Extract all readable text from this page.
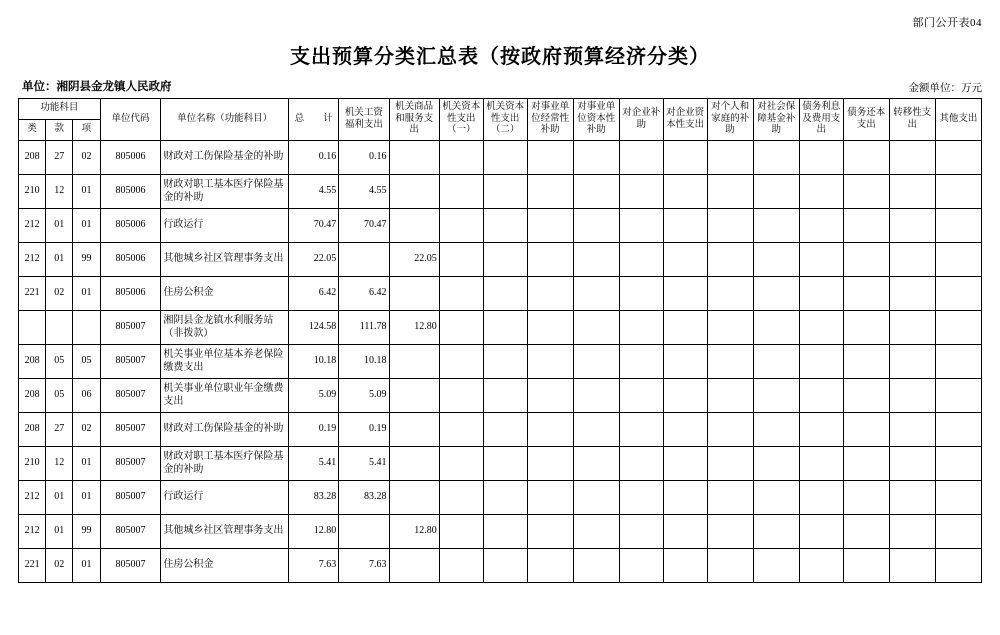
部门公开表04
支出预算分类汇总表（按政府预算经济分类）
单位：湘阴县金龙镇人民政府	金额单位：万元
功能科目			单位代码	单位名称（功能科目）	总　　计	机关工资福利支出	机关商品和服务支出	机关资本性支出（一）	机关资本性支出（二）	对事业单位经常性补助	对事业单位资本性补助	对企业补助	对企业资本性支出	对个人和家庭的补助	对社会保障基金补助	债务利息及费用支出	债务还本支出	转移性支出	其他支出
类	款	项																	
208	27	02	805006	财政对工伤保险基金的补助	0.16	0.16													
210	12	01	805006	财政对职工基本医疗保险基金的补助	4.55	4.55													
212	01	01	805006	行政运行	70.47	70.47													
212	01	99	805006	其他城乡社区管理事务支出	22.05		22.05												
221	02	01	805006	住房公积金	6.42	6.42													
			805007	湘阴县金龙镇水利服务站（非拨款）	124.58	111.78	12.80												
208	05	05	805007	机关事业单位基本养老保险缴费支出	10.18	10.18													
208	05	06	805007	机关事业单位职业年金缴费支出	5.09	5.09													
208	27	02	805007	财政对工伤保险基金的补助	0.19	0.19													
210	12	01	805007	财政对职工基本医疗保险基金的补助	5.41	5.41													
212	01	01	805007	行政运行	83.28	83.28													
212	01	99	805007	其他城乡社区管理事务支出	12.80		12.80												
221	02	01	805007	住房公积金	7.63	7.63													
